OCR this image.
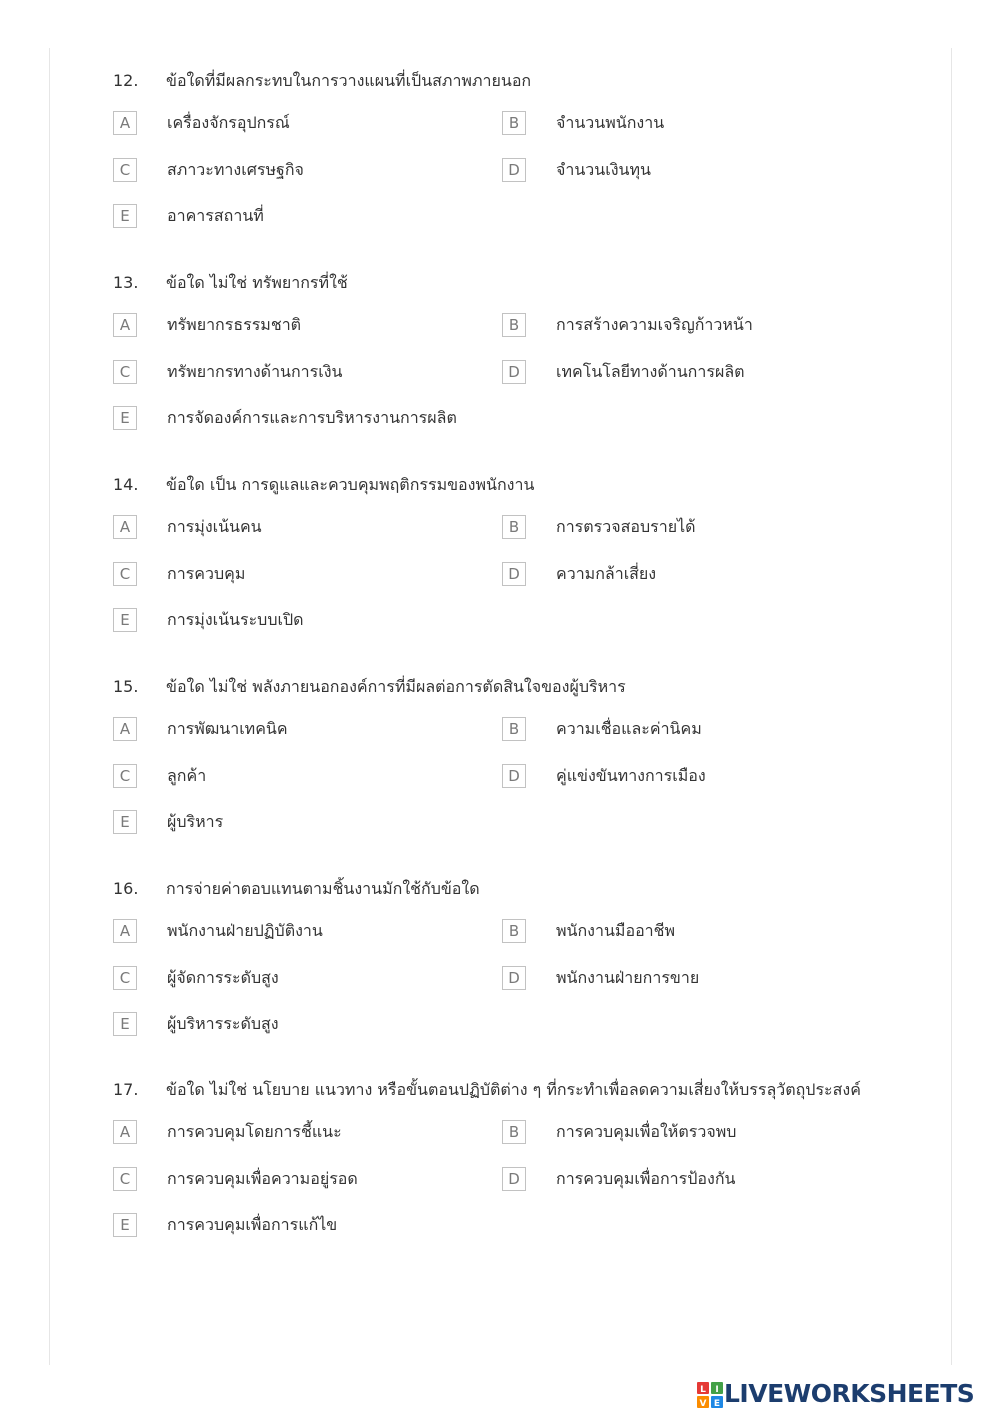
12. ข้อใดที่มีผลกระทบในการวางแผนที่เป็นสภาพภายนอก
A	เครื่องจักรอุปกรณ์	B	จำนวนพนักงาน
C	สภาวะทางเศรษฐกิจ	D	จำนวนเงินทุน
E	อาคารสถานที่
13. ข้อใด ไม่ใช่ ทรัพยากรที่ใช้
A	ทรัพยากรธรรมชาติ	B	การสร้างความเจริญก้าวหน้า
C	ทรัพยากรทางด้านการเงิน	D	เทคโนโลยีทางด้านการผลิต
E	การจัดองค์การและการบริหารงานการผลิต
14. ข้อใด เป็น การดูแลและควบคุมพฤติกรรมของพนักงาน
A	การมุ่งเน้นคน	B	การตรวจสอบรายได้
C	การควบคุม	D	ความกล้าเสี่ยง
E	การมุ่งเน้นระบบเปิด
15. ข้อใด ไม่ใช่ พลังภายนอกองค์การที่มีผลต่อการตัดสินใจของผู้บริหาร
A	การพัฒนาเทคนิค	B	ความเชื่อและค่านิคม
C	ลูกค้า	D	คู่แข่งขันทางการเมือง
E	ผู้บริหาร
16. การจ่ายค่าตอบแทนตามชิ้นงานมักใช้กับข้อใด
A	พนักงานฝ่ายปฏิบัติงาน	B	พนักงานมืออาชีพ
C	ผู้จัดการระดับสูง	D	พนักงานฝ่ายการขาย
E	ผู้บริหารระดับสูง
17. ข้อใด ไม่ใช่ นโยบาย แนวทาง หรือขั้นตอนปฏิบัติต่าง ๆ ที่กระทำเพื่อลดความเสี่ยงให้บรรลุวัตถุประสงค์
A	การควบคุมโดยการชี้แนะ	B	การควบคุมเพื่อให้ตรวจพบ
C	การควบคุมเพื่อความอยู่รอด	D	การควบคุมเพื่อการป้องกัน
E	การควบคุมเพื่อการแก้ไข
L I
V E LIVEWORKSHEETS
